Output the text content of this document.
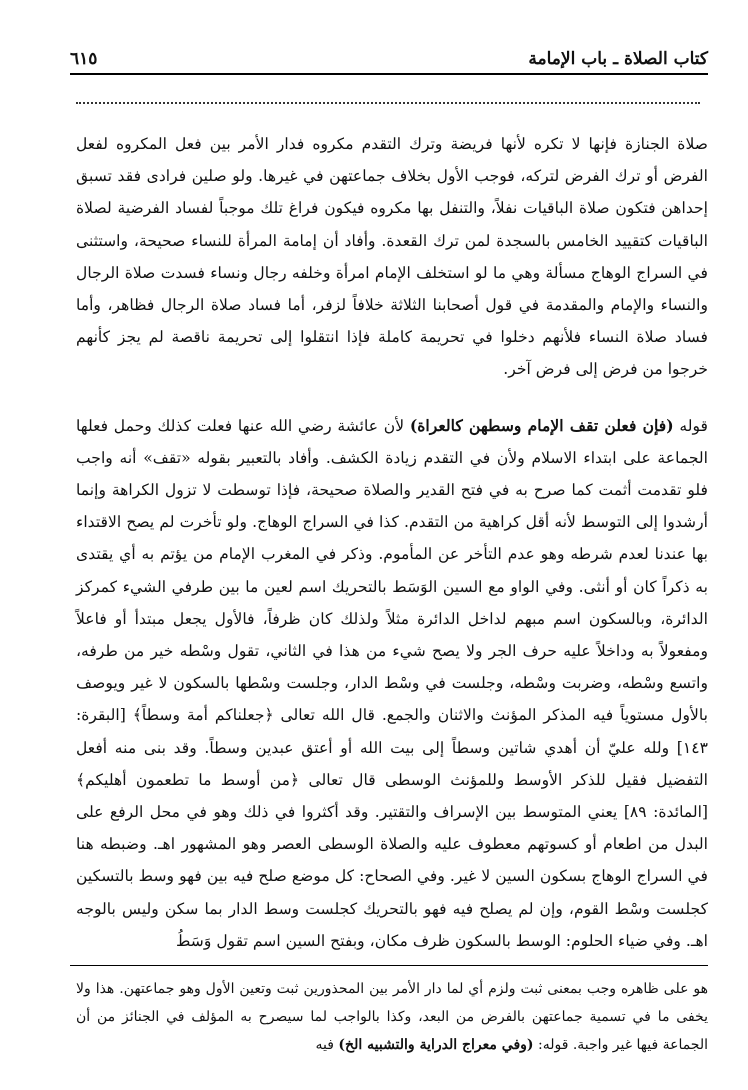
كتاب الصلاة ـ باب الإمامة
٦١٥

صلاة الجنازة فإنها لا تكره لأنها فريضة وترك التقدم مكروه فدار الأمر بين فعل المكروه لفعل الفرض أو ترك الفرض لتركه، فوجب الأول بخلاف جماعتهن في غيرها. ولو صلين فرادى فقد تسبق إحداهن فتكون صلاة الباقيات نفلاً، والتنفل بها مكروه فيكون فراغ تلك موجباً لفساد الفرضية لصلاة الباقيات كتقييد الخامس بالسجدة لمن ترك القعدة. وأفاد أن إمامة المرأة للنساء صحيحة، واستثنى في السراج الوهاج مسألة وهي ما لو استخلف الإمام امرأة وخلفه رجال ونساء فسدت صلاة الرجال والنساء والإمام والمقدمة في قول أصحابنا الثلاثة خلافاً لزفر، أما فساد صلاة الرجال فظاهر، وأما فساد صلاة النساء فلأنهم دخلوا في تحريمة كاملة فإذا انتقلوا إلى تحريمة ناقصة لم يجز كأنهم خرجوا من فرض إلى فرض آخر.

قوله (فإن فعلن تقف الإمام وسطهن كالعراة) لأن عائشة رضي الله عنها فعلت كذلك وحمل فعلها الجماعة على ابتداء الاسلام ولأن في التقدم زيادة الكشف. وأفاد بالتعبير بقوله «تقف» أنه واجب فلو تقدمت أثمت كما صرح به في فتح القدير والصلاة صحيحة، فإذا توسطت لا تزول الكراهة وإنما أرشدوا إلى التوسط لأنه أقل كراهية من التقدم. كذا في السراج الوهاج. ولو تأخرت لم يصح الاقتداء بها عندنا لعدم شرطه وهو عدم التأخر عن المأموم. وذكر في المغرب الإمام من يؤتم به أي يقتدى به ذكراً كان أو أنثى. وفي الواو مع السين الوَسَط بالتحريك اسم لعين ما بين طرفي الشيء كمركز الدائرة، وبالسكون اسم مبهم لداخل الدائرة مثلاً ولذلك كان ظرفاً، فالأول يجعل مبتدأ أو فاعلاً ومفعولاً به وداخلاً عليه حرف الجر ولا يصح شيء من هذا في الثاني، تقول وسْطه خير من طرفه، واتسع وسْطه، وضربت وسْطه، وجلست في وسْط الدار، وجلست وسْطها بالسكون لا غير ويوصف بالأول مستوياً فيه المذكر المؤنث والاثنان والجمع. قال الله تعالى ﴿جعلناكم أمة وسطاً﴾ [البقرة: ١٤٣] ولله عليّ أن أهدي شاتين وسطاً إلى بيت الله أو أعتق عبدين وسطاً. وقد بنى منه أفعل التفضيل فقيل للذكر الأوسط وللمؤنث الوسطى قال تعالى ﴿من أوسط ما تطعمون أهليكم﴾ [المائدة: ٨٩] يعني المتوسط بين الإسراف والتقتير. وقد أكثروا في ذلك وهو في محل الرفع على البدل من اطعام أو كسوتهم معطوف عليه والصلاة الوسطى العصر وهو المشهور اهـ. وضبطه هنا في السراج الوهاج بسكون السين لا غير. وفي الصحاح: كل موضع صلح فيه بين فهو وسط بالتسكين كجلست وسْط القوم، وإن لم يصلح فيه فهو بالتحريك كجلست وسط الدار بما سكن وليس بالوجه اهـ. وفي ضياء الحلوم: الوسط بالسكون ظرف مكان، وبفتح السين اسم تقول وَسَطُ

هو على ظاهره وجب بمعنى ثبت ولزم أي لما دار الأمر بين المحذورين ثبت وتعين الأول وهو جماعتهن. هذا ولا يخفى ما في تسمية جماعتهن بالفرض من البعد، وكذا بالواجب لما سيصرح به المؤلف في الجنائز من أن الجماعة فيها غير واجبة. قوله: (وفي معراج الدراية والتشبيه الخ) فيه
